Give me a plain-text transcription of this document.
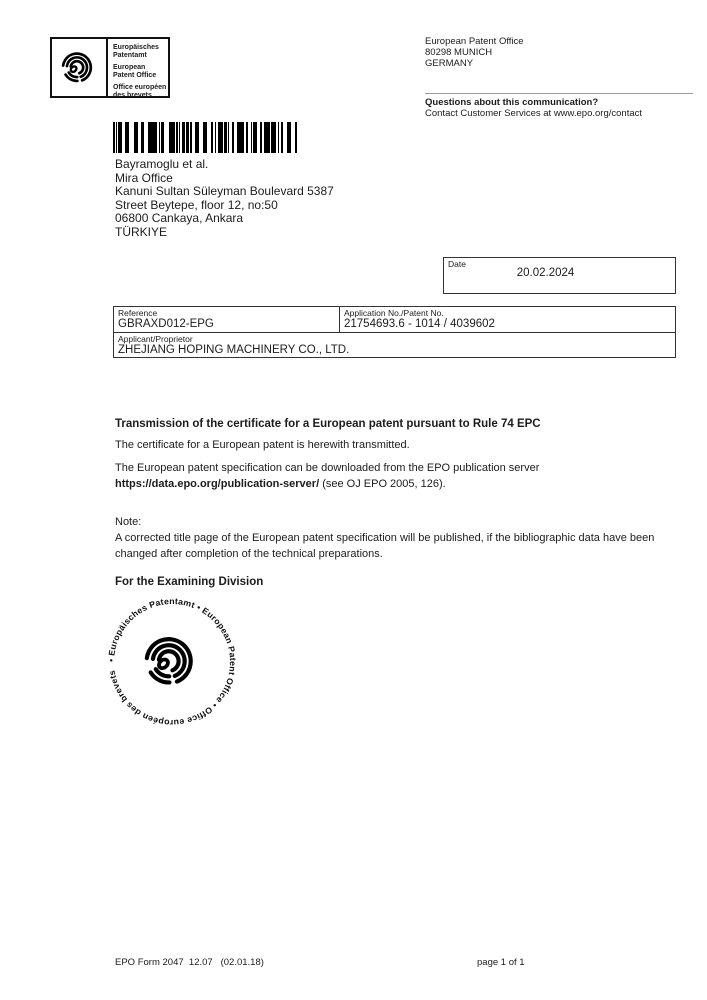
Europäisches Patentamt
European Patent Office
Office européen des brevets
European Patent Office
80298 MUNICH
GERMANY
Questions about this communication?
Contact Customer Services at www.epo.org/contact
Bayramoglu et al.
Mira Office
Kanuni Sultan Süleyman Boulevard 5387
Street Beytepe, floor 12, no:50
06800 Cankaya, Ankara
TÜRKIYE
Date
20.02.2024
Reference
GBRAXD012-EPG
Application No./Patent No.
21754693.6 - 1014 / 4039602
Applicant/Proprietor
ZHEJIANG HOPING MACHINERY CO., LTD.
Transmission of the certificate for a European patent pursuant to Rule 74 EPC
The certificate for a European patent is herewith transmitted.
The European patent specification can be downloaded from the EPO publication server https://data.epo.org/publication-server/ (see OJ EPO 2005, 126).
Note:
A corrected title page of the European patent specification will be published, if the bibliographic data have been changed after completion of the technical preparations.
For the Examining Division
• Europäisches Patentamt • European Patent Office • Office européen des brevets
EPO Form 2047  12.07   (02.01.18)	page 1 of 1
